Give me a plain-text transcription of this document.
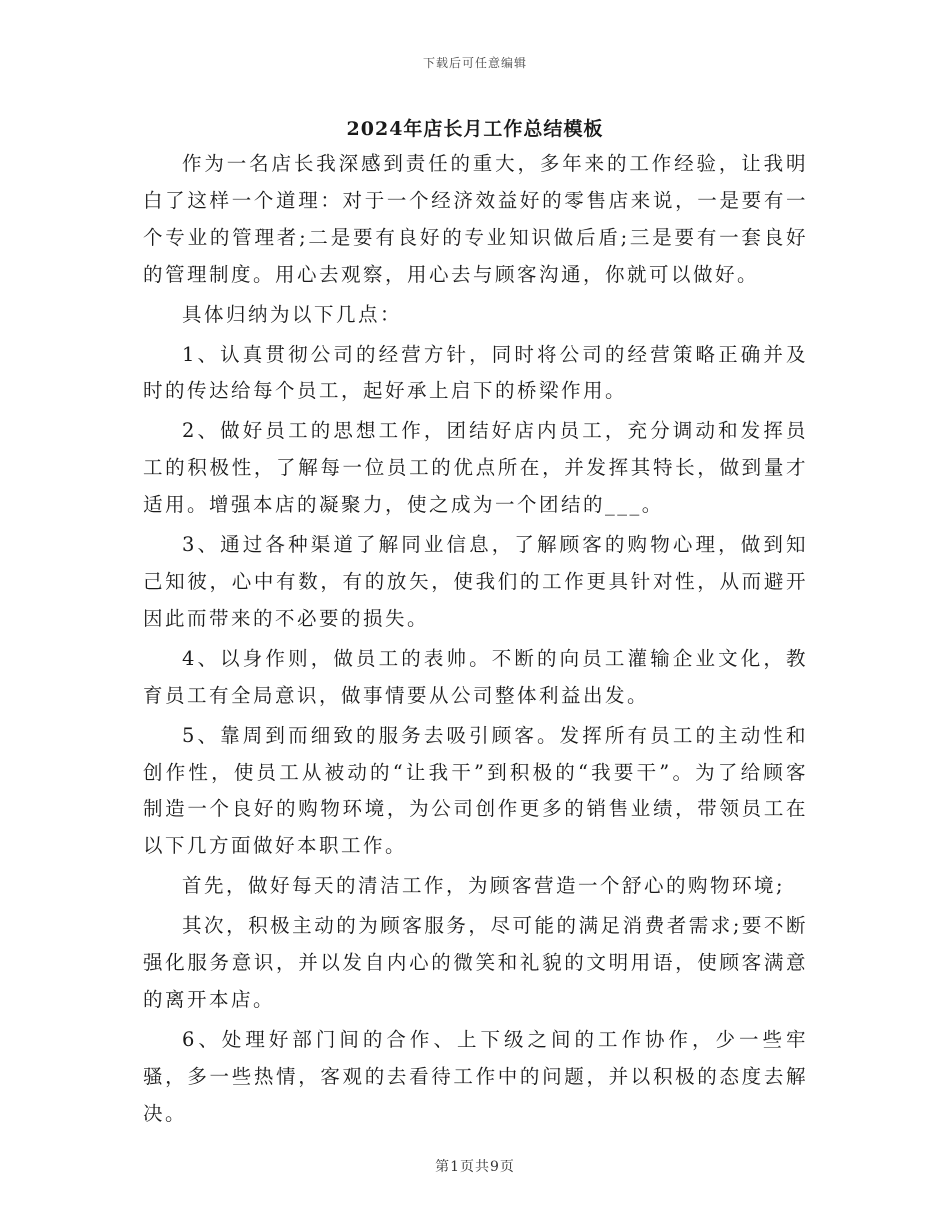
下载后可任意编辑
2024年店长月工作总结模板

作为一名店长我深感到责任的重大，多年来的工作经验，让我明白了这样一个道理：对于一个经济效益好的零售店来说，一是要有一个专业的管理者;二是要有良好的专业知识做后盾;三是要有一套良好的管理制度。用心去观察，用心去与顾客沟通，你就可以做好。

具体归纳为以下几点：

1、认真贯彻公司的经营方针，同时将公司的经营策略正确并及时的传达给每个员工，起好承上启下的桥梁作用。

2、做好员工的思想工作，团结好店内员工，充分调动和发挥员工的积极性，了解每一位员工的优点所在，并发挥其特长，做到量才适用。增强本店的凝聚力，使之成为一个团结的___。

3、通过各种渠道了解同业信息，了解顾客的购物心理，做到知己知彼，心中有数，有的放矢，使我们的工作更具针对性，从而避开因此而带来的不必要的损失。

4、以身作则，做员工的表帅。不断的向员工灌输企业文化，教育员工有全局意识，做事情要从公司整体利益出发。

5、靠周到而细致的服务去吸引顾客。发挥所有员工的主动性和创作性，使员工从被动的“让我干”到积极的“我要干”。为了给顾客制造一个良好的购物环境，为公司创作更多的销售业绩，带领员工在以下几方面做好本职工作。

首先，做好每天的清洁工作，为顾客营造一个舒心的购物环境;

其次，积极主动的为顾客服务，尽可能的满足消费者需求;要不断强化服务意识，并以发自内心的微笑和礼貌的文明用语，使顾客满意的离开本店。

6、处理好部门间的合作、上下级之间的工作协作，少一些牢骚，多一些热情，客观的去看待工作中的问题，并以积极的态度去解决。

第1页共9页
